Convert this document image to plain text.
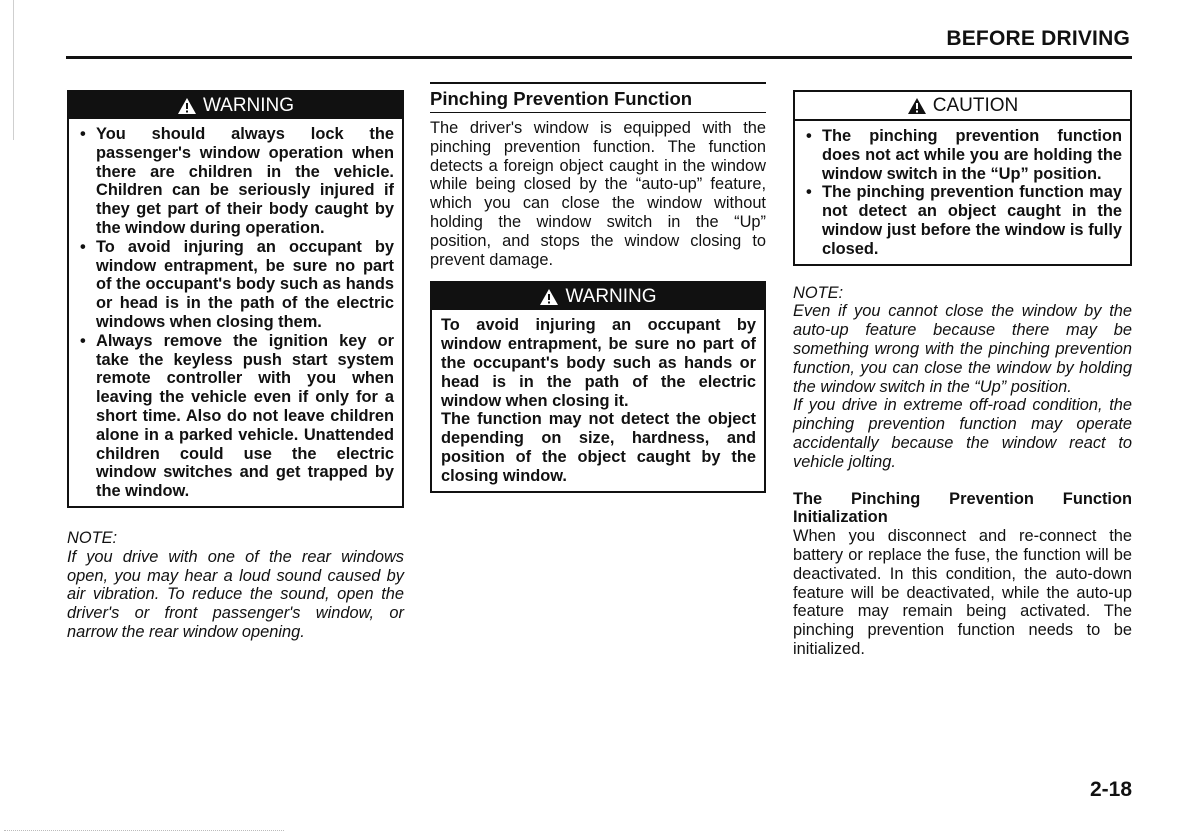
BEFORE DRIVING
WARNING
• You should always lock the passenger's window operation when there are children in the vehicle. Children can be seriously injured if they get part of their body caught by the window during operation.
• To avoid injuring an occupant by window entrapment, be sure no part of the occupant's body such as hands or head is in the path of the electric windows when closing them.
• Always remove the ignition key or take the keyless push start system remote controller with you when leaving the vehicle even if only for a short time. Also do not leave children alone in a parked vehicle. Unattended children could use the electric window switches and get trapped by the window.

NOTE:

If you drive with one of the rear windows open, you may hear a loud sound caused by air vibration. To reduce the sound, open the driver's or front passenger's window, or narrow the rear window opening.

Pinching Prevention Function

The driver's window is equipped with the pinching prevention function. The function detects a foreign object caught in the window while being closed by the “auto-up” feature, which you can close the window without holding the window switch in the “Up” position, and stops the window closing to prevent damage.

WARNING

To avoid injuring an occupant by window entrapment, be sure no part of the occupant's body such as hands or head is in the path of the electric window when closing it.

The function may not detect the object depending on size, hardness, and position of the object caught by the closing window.

CAUTION
• The pinching prevention function does not act while you are holding the window switch in the “Up” position.
• The pinching prevention function may not detect an object caught in the window just before the window is fully closed.

NOTE:

Even if you cannot close the window by the auto-up feature because there may be something wrong with the pinching prevention function, you can close the window by holding the window switch in the “Up” position.

If you drive in extreme off-road condition, the pinching prevention function may operate accidentally because the window react to vehicle jolting.

The Pinching Prevention Function Initialization

When you disconnect and re-connect the battery or replace the fuse, the function will be deactivated. In this condition, the auto-down feature will be deactivated, while the auto-up feature may remain being activated. The pinching prevention function needs to be initialized.

2-18
